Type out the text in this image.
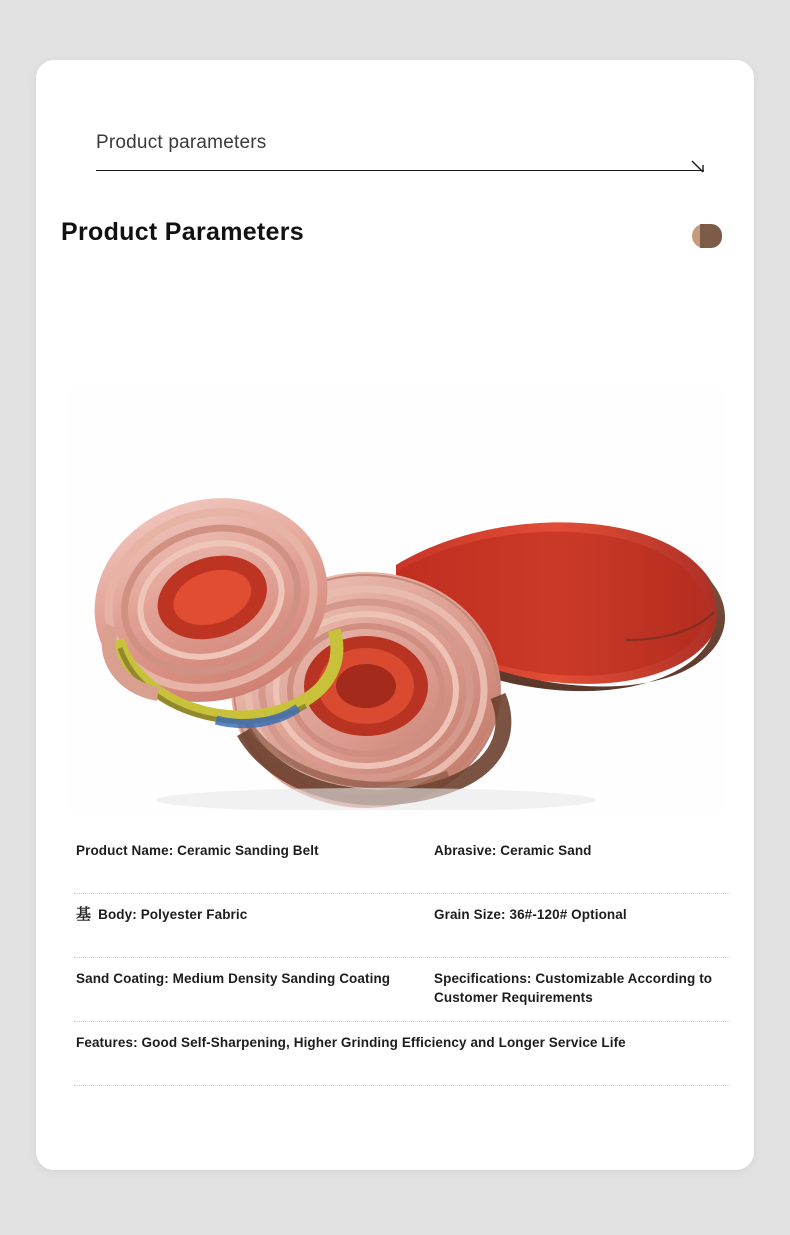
Product parameters
Product Parameters
Product Name: Ceramic Sanding Belt	Abrasive: Ceramic Sand
基 Body: Polyester Fabric	Grain Size: 36#-120# Optional
Sand Coating: Medium Density Sanding Coating	Specifications: Customizable According to Customer Requirements
Features: Good Self-Sharpening, Higher Grinding Efficiency and Longer Service Life
